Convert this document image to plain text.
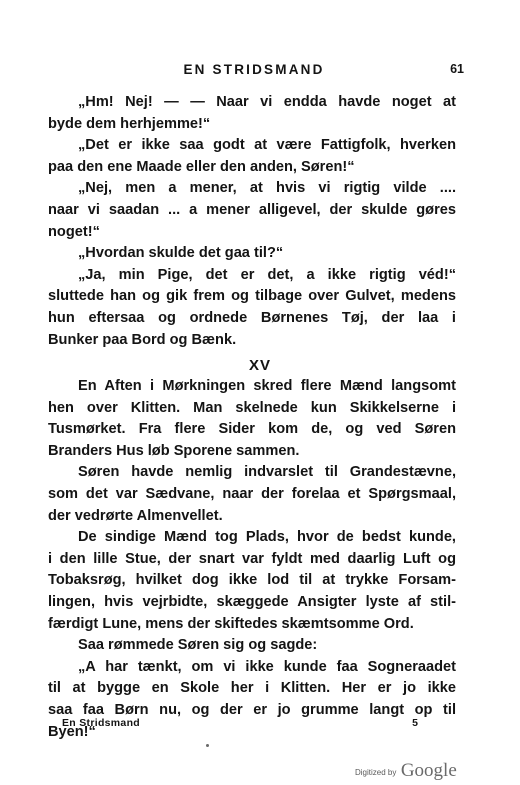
EN STRIDSMAND	61
„Hm! Nej! — — Naar vi endda havde noget at
byde dem herhjemme!“
„Det er ikke saa godt at være Fattigfolk, hverken
paa den ene Maade eller den anden, Søren!“
„Nej, men a mener, at hvis vi rigtig vilde ....
naar vi saadan ... a mener alligevel, der skulde gøres
noget!“
„Hvordan skulde det gaa til?“
„Ja, min Pige, det er det, a ikke rigtig véd!“
sluttede han og gik frem og tilbage over Gulvet, medens
hun eftersaa og ordnede Børnenes Tøj, der laa i
Bunker paa Bord og Bænk.
XV
En Aften i Mørkningen skred flere Mænd langsomt
hen over Klitten. Man skelnede kun Skikkelserne i
Tusmørket. Fra flere Sider kom de, og ved Søren
Branders Hus løb Sporene sammen.
Søren havde nemlig indvarslet til Grandestævne,
som det var Sædvane, naar der forelaa et Spørgsmaal,
der vedrørte Almenvellet.
De sindige Mænd tog Plads, hvor de bedst kunde,
i den lille Stue, der snart var fyldt med daarlig Luft og
Tobaksrøg, hvilket dog ikke lod til at trykke Forsam-
lingen, hvis vejrbidte, skæggede Ansigter lyste af stil-
færdigt Lune, mens der skiftedes skæmtsomme Ord.
Saa rømmede Søren sig og sagde:
„A har tænkt, om vi ikke kunde faa Sogneraadet
til at bygge en Skole her i Klitten. Her er jo ikke
saa faa Børn nu, og der er jo grumme langt op til
Byen!“
En Stridsmand	5
Digitized by Google
